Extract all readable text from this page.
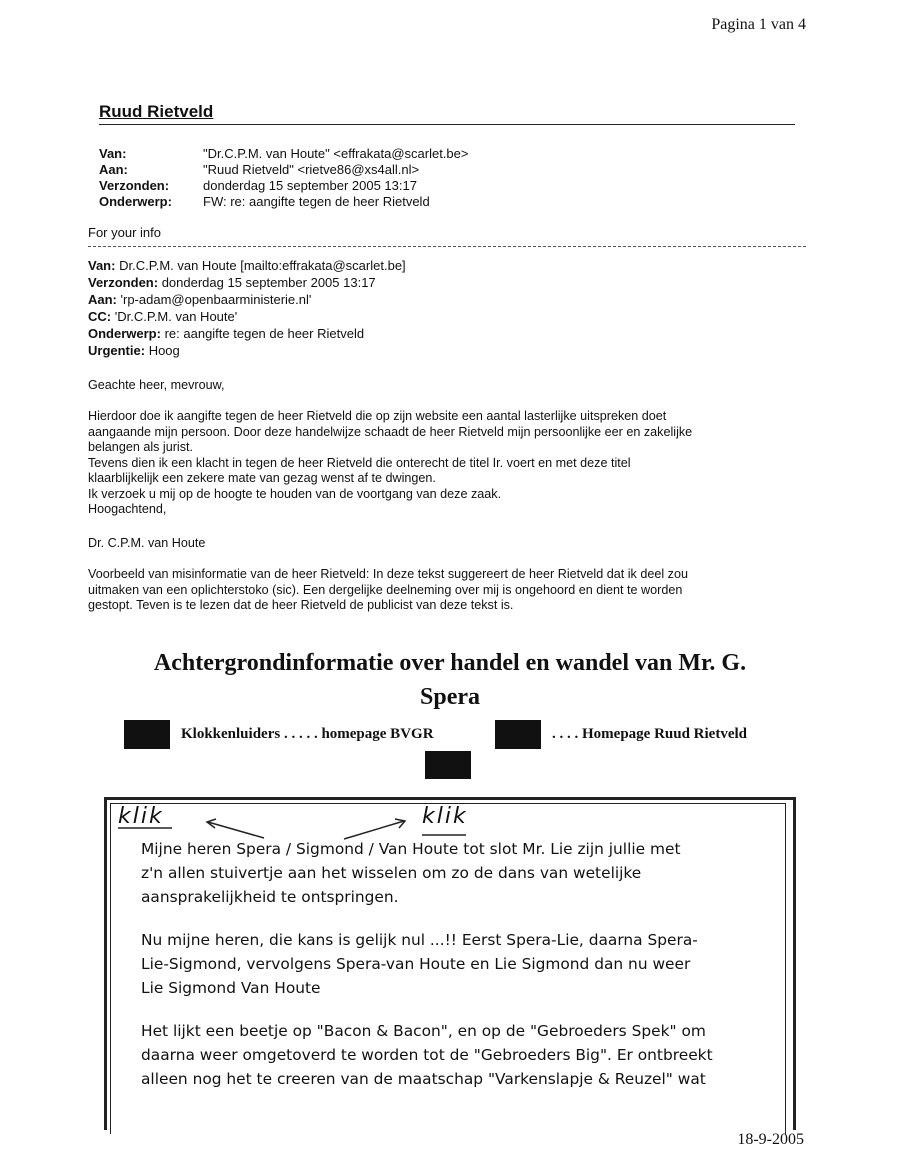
Pagina 1 van 4
Ruud Rietveld
Van:	"Dr.C.P.M. van Houte" <effrakata@scarlet.be>
Aan:	"Ruud Rietveld" <rietve86@xs4all.nl>
Verzonden:	donderdag 15 september 2005 13:17
Onderwerp:	FW: re: aangifte tegen de heer Rietveld
For your info
Van: Dr.C.P.M. van Houte [mailto:effrakata@scarlet.be]
Verzonden: donderdag 15 september 2005 13:17
Aan: 'rp-adam@openbaarministerie.nl'
CC: 'Dr.C.P.M. van Houte'
Onderwerp: re: aangifte tegen de heer Rietveld
Urgentie: Hoog
Geachte heer, mevrouw,

Hierdoor doe ik aangifte tegen de heer Rietveld die op zijn website een aantal lasterlijke uitspreken doet

aangaande mijn persoon. Door deze handelwijze schaadt de heer Rietveld mijn persoonlijke eer en zakelijke

belangen als jurist.

Tevens dien ik een klacht in tegen de heer Rietveld die onterecht de titel Ir. voert en met deze titel

klaarblijkelijk een zekere mate van gezag wenst af te dwingen.

Ik verzoek u mij op de hoogte te houden van de voortgang van deze zaak.

Hoogachtend,

Dr. C.P.M. van Houte

Voorbeeld van misinformatie van de heer Rietveld: In deze tekst suggereert de heer Rietveld dat ik deel zou

uitmaken van een oplichterstoko (sic). Een dergelijke deelneming over mij is ongehoord en dient te worden

gestopt. Teven is te lezen dat de heer Rietveld de publicist van deze tekst is.

Achtergrondinformatie over handel en wandel van Mr. G.
Spera
Klokkenluiders . . . . . homepage BVGR	. . . . Homepage Ruud Rietveld
klik	klik

Mijne heren Spera / Sigmond / Van Houte tot slot Mr. Lie zijn jullie met

z'n allen stuivertje aan het wisselen om zo de dans van wetelijke

aansprakelijkheid te ontspringen.

Nu mijne heren, die kans is gelijk nul ...!! Eerst Spera-Lie, daarna Spera-

Lie-Sigmond, vervolgens Spera-van Houte en Lie Sigmond dan nu weer

Lie Sigmond Van Houte

Het lijkt een beetje op "Bacon & Bacon", en op de "Gebroeders Spek" om

daarna weer omgetoverd te worden tot de "Gebroeders Big". Er ontbreekt

alleen nog het te creeren van de maatschap "Varkenslapje & Reuzel" wat

18-9-2005
